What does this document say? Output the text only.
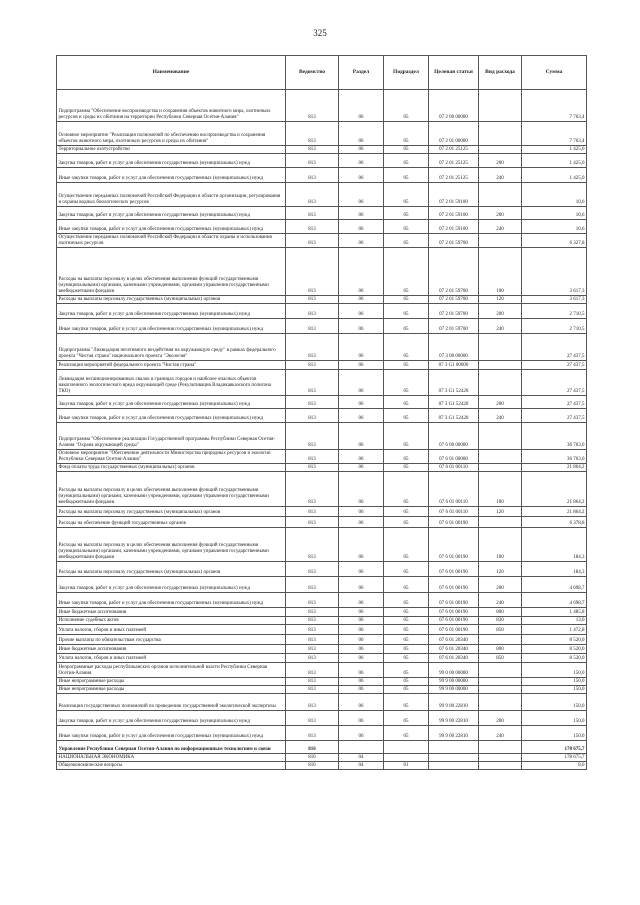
325
Наименование	Ведомство	Раздел	Подраздел	Целевая статья	Вид расхода	Сумма
Подпрограмма "Обеспечение воспроизводства и сохранения объектов животного мира, охотничьих ресурсов и среды их обитания на территории Республики Северная Осетия-Алания"	813	06	05	07 2 00 00000		7 763,4
Основное мероприятие "Реализация полномочий по обеспечению воспроизводства и сохранения объектов животного мира, охотничьих ресурсов и среды их обитания"	813	06	05	07 2 01 00000		7 763,4
Территориальное охотустройство	813	06	05	07 2 01 25125		1 425,0
Закупка товаров, работ и услуг для обеспечения государственных (муниципальных) нужд	813	06	05	07 2 01 25125	200	1 425,0
Иные закупки товаров, работ и услуг для обеспечения государственных (муниципальных) нужд	813	06	05	07 2 01 25125	240	1 425,0
Осуществление переданных полномочий Российской Федерации в области организации, регулирования и охраны водных биологических ресурсов	813	06	05	07 2 01 59100		10,6
Закупка товаров, работ и услуг для обеспечения государственных (муниципальных) нужд	813	06	05	07 2 01 59100	200	10,6
Иные закупки товаров, работ и услуг для обеспечения государственных (муниципальных) нужд	813	06	05	07 2 01 59100	240	10,6
Осуществление переданных полномочий Российской Федерации в области охраны и использования охотничьих ресурсов	813	06	05	07 2 01 59700		6 327,8
Расходы на выплаты персоналу в целях обеспечения выполнения функций государственными (муниципальными) органами, казенными учреждениями, органами управления государственными внебюджетными фондами	813	06	05	07 2 01 59700	100	3 617,3
Расходы на выплаты персоналу государственных (муниципальных) органов	813	06	05	07 2 01 59700	120	3 617,3
Закупка товаров, работ и услуг для обеспечения государственных (муниципальных) нужд	813	06	05	07 2 01 59700	200	2 710,5
Иные закупки товаров, работ и услуг для обеспечения государственных (муниципальных) нужд	813	06	05	07 2 01 59700	240	2 710,5
Подпрограмма "Ликвидация негативного воздействия на окружающую среду" в рамках федерального проекта "Чистая страна" национального проекта "Экология"	813	06	05	07 3 00 00000		27 437,5
Реализация мероприятий федерального проекта "Чистая страна"	813	06	05	07 3 G1 00000		27 437,5
Ликвидация несанкционированных свалок в границах городов и наиболее опасных объектов накопленного экологического вреда окружающей среде (Рекультивация Владикавказского полигона ТКО)	813	06	05	07 3 G1 52420		27 437,5
Закупка товаров, работ и услуг для обеспечения государственных (муниципальных) нужд	813	06	05	07 3 G1 52420	200	27 437,5
Иные закупки товаров, работ и услуг для обеспечения государственных (муниципальных) нужд	813	06	05	07 3 G1 52420	240	27 437,5
Подпрограмма "Обеспечение реализации Государственной программы Республики Северная Осетия-Алания "Охрана окружающей среды"	813	06	05	07 6 00 00000		36 763,0
Основное мероприятие "Обеспечение деятельности Министерства природных ресурсов и экологии Республики Северная Осетия-Алания"	813	06	05	07 6 01 00000		36 763,0
Фонд оплаты труда государственных (муниципальных) органов	813	06	05	07 6 01 00110		21 864,2
Расходы на выплаты персоналу в целях обеспечения выполнения функций государственными (муниципальными) органами, казенными учреждениями, органами управления государственными внебюджетными фондами	813	06	05	07 6 01 00110	100	21 864,2
Расходы на выплаты персоналу государственных (муниципальных) органов	813	06	05	07 6 01 00110	120	21 864,2
Расходы на обеспечение функций государственных органов	813	06	05	07 6 01 00190		6 378,8
Расходы на выплаты персоналу в целях обеспечения выполнения функций государственными (муниципальными) органами, казенными учреждениями, органами управления государственными внебюджетными фондами	813	06	05	07 6 01 00190	100	184,3
Расходы на выплаты персоналу государственных (муниципальных) органов	813	06	05	07 6 01 00190	120	184,3
Закупка товаров, работ и услуг для обеспечения государственных (муниципальных) нужд	813	06	05	07 6 01 00190	200	4 698,7
Иные закупки товаров, работ и услуг для обеспечения государственных (муниципальных) нужд	813	06	05	07 6 01 00190	240	4 698,7
Иные бюджетные ассигнования	813	06	05	07 6 01 00190	800	1 485,8
Исполнение судебных актов	813	06	05	07 6 01 00190	830	13,0
Уплата налогов, сборов и иных платежей	813	06	05	07 6 01 00190	850	1 472,8
Прочие выплаты по обязательствам государства	813	06	05	07 6 01 20340		8 520,0
Иные бюджетные ассигнования	813	06	05	07 6 01 20340	800	8 520,0
Уплата налогов, сборов и иных платежей	813	06	05	07 6 01 20340	850	8 520,0
Непрограммные расходы республиканских органов исполнительной власти Республики Северная Осетия-Алания	813	06	05	99 0 00 00000		150,0
Иные непрограммные расходы	813	06	05	99 9 00 00000		150,0
Иные непрограммные расходы	813	06	05	99 9 00 00000		150,0
Реализация государственных полномочий по проведению государственной экологической экспертизы	813	06	05	99 9 00 22810		150,0
Закупка товаров, работ и услуг для обеспечения государственных (муниципальных) нужд	813	06	05	99 9 00 22810	200	150,0
Иные закупки товаров, работ и услуг для обеспечения государственных (муниципальных) нужд	813	06	05	99 9 00 22810	240	150,0
Управление Республики Северная Осетия-Алания по информационным технологиям и связи	816					178 675,7
НАЦИОНАЛЬНАЯ ЭКОНОМИКА	816	04				178 675,7
Общеэкономические вопросы	816	04	01			8,0
